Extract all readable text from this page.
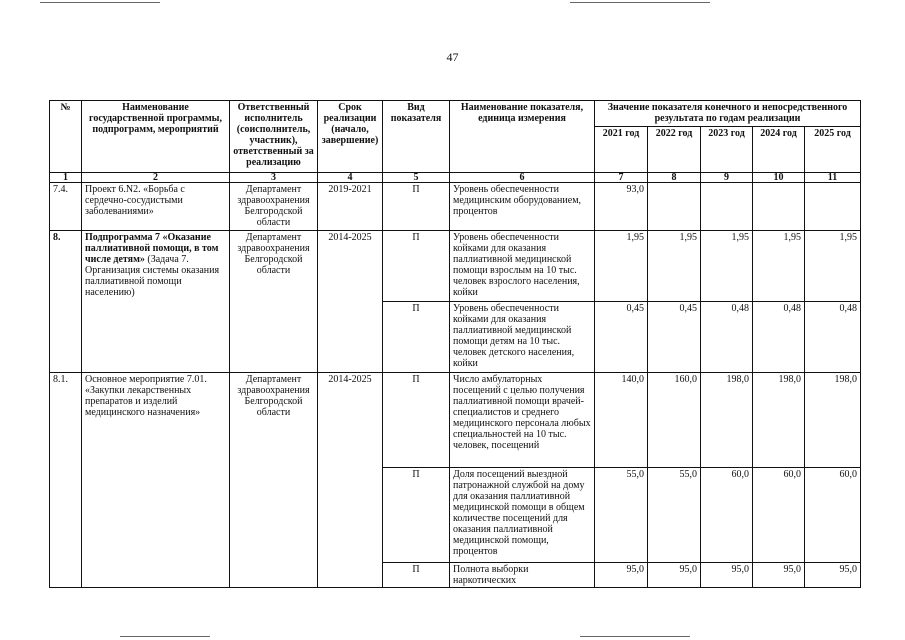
47
№	Наименование государственной программы, подпрограмм, мероприятий	Ответственный исполнитель (соисполнитель, участник), ответственный за реализацию	Срок реализации (начало, завершение)	Вид показателя	Наименование показателя, единица измерения	Значение показателя конечного и непосредственного результата по годам реализации				
						2021 год	2022 год	2023 год	2024 год	2025 год
1	2	3	4	5	6	7	8	9	10	11
7.4.	Проект 6.N2. «Борьба с сердечно-сосудистыми заболеваниями»	Департамент здравоохранения Белгородской области	2019-2021	П	Уровень обеспеченности медицинским оборудованием, процентов	93,0				
8.	Подпрограмма 7 «Оказание паллиативной помощи, в том числе детям» (Задача 7. Организация системы оказания паллиативной помощи населению)	Департамент здравоохранения Белгородской области	2014-2025	П	Уровень обеспеченности койками для оказания паллиативной медицинской помощи взрослым на 10 тыс. человек взрослого населения, койки	1,95	1,95	1,95	1,95	1,95
				П	Уровень обеспеченности койками для оказания паллиативной медицинской помощи детям на 10 тыс. человек детского населения, койки	0,45	0,45	0,48	0,48	0,48
8.1.	Основное мероприятие 7.01. «Закупки лекарственных препаратов и изделий медицинского назначения»	Департамент здравоохранения Белгородской области	2014-2025	П	Число амбулаторных посещений с целью получения паллиативной помощи врачей-специалистов и среднего медицинского персонала любых специальностей на 10 тыс. человек, посещений	140,0	160,0	198,0	198,0	198,0
				П	Доля посещений выездной патронажной службой на дому для оказания паллиативной медицинской помощи в общем количестве посещений для оказания паллиативной медицинской помощи, процентов	55,0	55,0	60,0	60,0	60,0
				П	Полнота выборки наркотических	95,0	95,0	95,0	95,0	95,0
